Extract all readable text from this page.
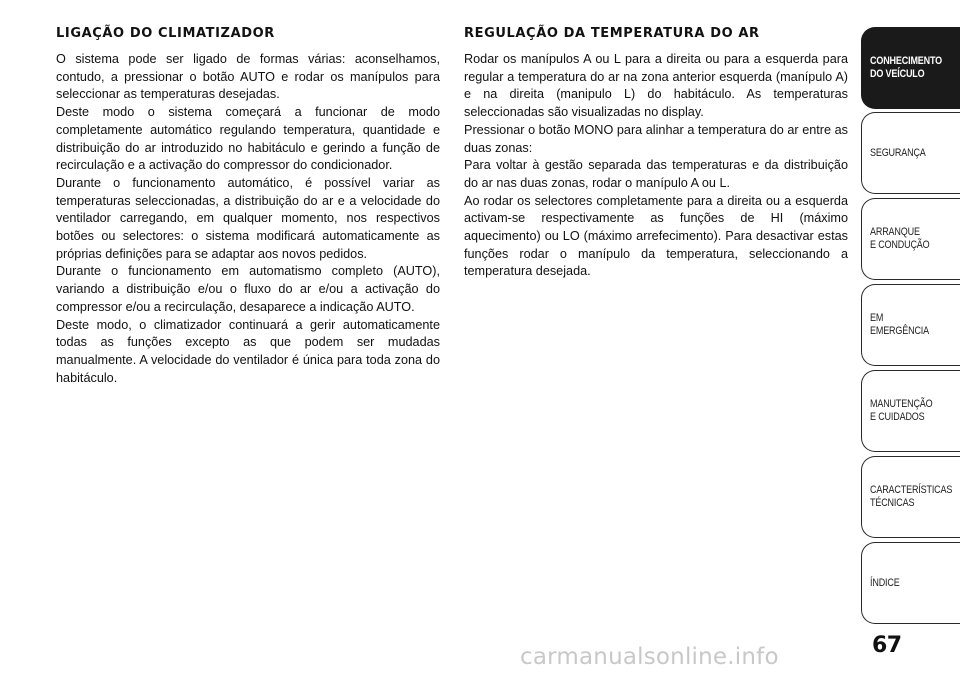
LIGAÇÃO DO CLIMATIZADOR

O sistema pode ser ligado de formas várias: aconselhamos, contudo, a pressionar o botão AUTO e rodar os manípulos para seleccionar as temperaturas desejadas.

Deste modo o sistema começará a funcionar de modo completamente automático regulando temperatura, quantidade e distribuição do ar introduzido no habitáculo e gerindo a função de recirculação e a activação do compressor do condicionador.

Durante o funcionamento automático, é possível variar as temperaturas seleccionadas, a distribuição do ar e a velocidade do ventilador carregando, em qualquer momento, nos respectivos botões ou selectores: o sistema modificará automaticamente as próprias definições para se adaptar aos novos pedidos.

Durante o funcionamento em automatismo completo (AUTO), variando a distribuição e/ou o fluxo do ar e/ou a activação do compressor e/ou a recirculação, desaparece a indicação AUTO.

Deste modo, o climatizador continuará a gerir automaticamente todas as funções excepto as que podem ser mudadas manualmente. A velocidade do ventilador é única para toda zona do habitáculo.

REGULAÇÃO DA TEMPERATURA DO AR

Rodar os manípulos A ou L para a direita ou para a esquerda para regular a temperatura do ar na zona anterior esquerda (manípulo A) e na direita (manipulo L) do habitáculo. As temperaturas seleccionadas são visualizadas no display.

Pressionar o botão MONO para alinhar a temperatura do ar entre as duas zonas:

Para voltar à gestão separada das temperaturas e da distribuição do ar nas duas zonas, rodar o manípulo A ou L.

Ao rodar os selectores completamente para a direita ou a esquerda activam-se respectivamente as funções de HI (máximo aquecimento) ou LO (máximo arrefecimento). Para desactivar estas funções rodar o manípulo da temperatura, seleccionando a temperatura desejada.

CONHECIMENTO
DO VEÍCULO
SEGURANÇA
ARRANQUE
E CONDUÇÃO
EM EMERGÊNCIA
MANUTENÇÃO
E CUIDADOS
CARACTERÍSTICAS
TÉCNICAS
ÍNDICE
67
carmanualsonline.info
